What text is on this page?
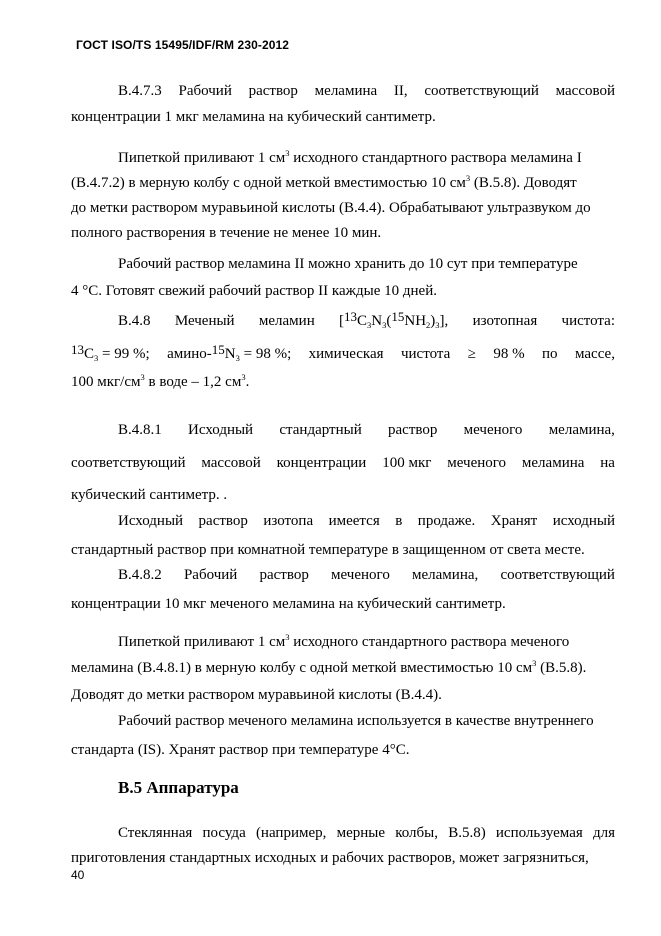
ГОСТ ISO/TS 15495/IDF/RM 230-2012
В.4.7.3 Рабочий раствор меламина II, соответствующий массовой
концентрации 1 мкг меламина на кубический сантиметр.
Пипеткой приливают 1 $см^3$ исходного стандартного раствора меламина I
(В.4.7.2) в мерную колбу с одной меткой вместимостью 10 $см^3$ (В.5.8). Доводят
до метки раствором муравьиной кислоты (В.4.4). Обрабатывают ультразвуком до
полного растворения в течение не менее 10 мин.
Рабочий раствор меламина II можно хранить до 10 сут при температуре
4 °С. Готовят свежий рабочий раствор II каждые 10 дней.
В.4.8 Меченый меламин $[13C_3N_3(15NH_2)_3]$, изотопная чистота:
$13C_3 = 99$ %; амино-$15N_3 = 98$ %; химическая чистота ≥ 98 % по массе,
100 мкг/$см^3$ в воде – 1,2 $см^3$.
В.4.8.1 Исходный стандартный раствор меченого меламина,
соответствующий массовой концентрации 100 мкг меченого меламина на
кубический сантиметр. .
Исходный раствор изотопа имеется в продаже. Хранят исходный
стандартный раствор при комнатной температуре в защищенном от света месте.
В.4.8.2 Рабочий раствор меченого меламина, соответствующий
концентрации 10 мкг меченого меламина на кубический сантиметр.
Пипеткой приливают 1 $см^3$ исходного стандартного раствора меченого
меламина (В.4.8.1) в мерную колбу с одной меткой вместимостью 10 $см^3$ (В.5.8).
Доводят до метки раствором муравьиной кислоты (В.4.4).
Рабочий раствор меченого меламина используется в качестве внутреннего
стандарта (IS). Хранят раствор при температуре 4°С.
В.5 Аппаратура
Стеклянная посуда (например, мерные колбы, В.5.8) используемая для
приготовления стандартных исходных и рабочих растворов, может загрязниться,
40
